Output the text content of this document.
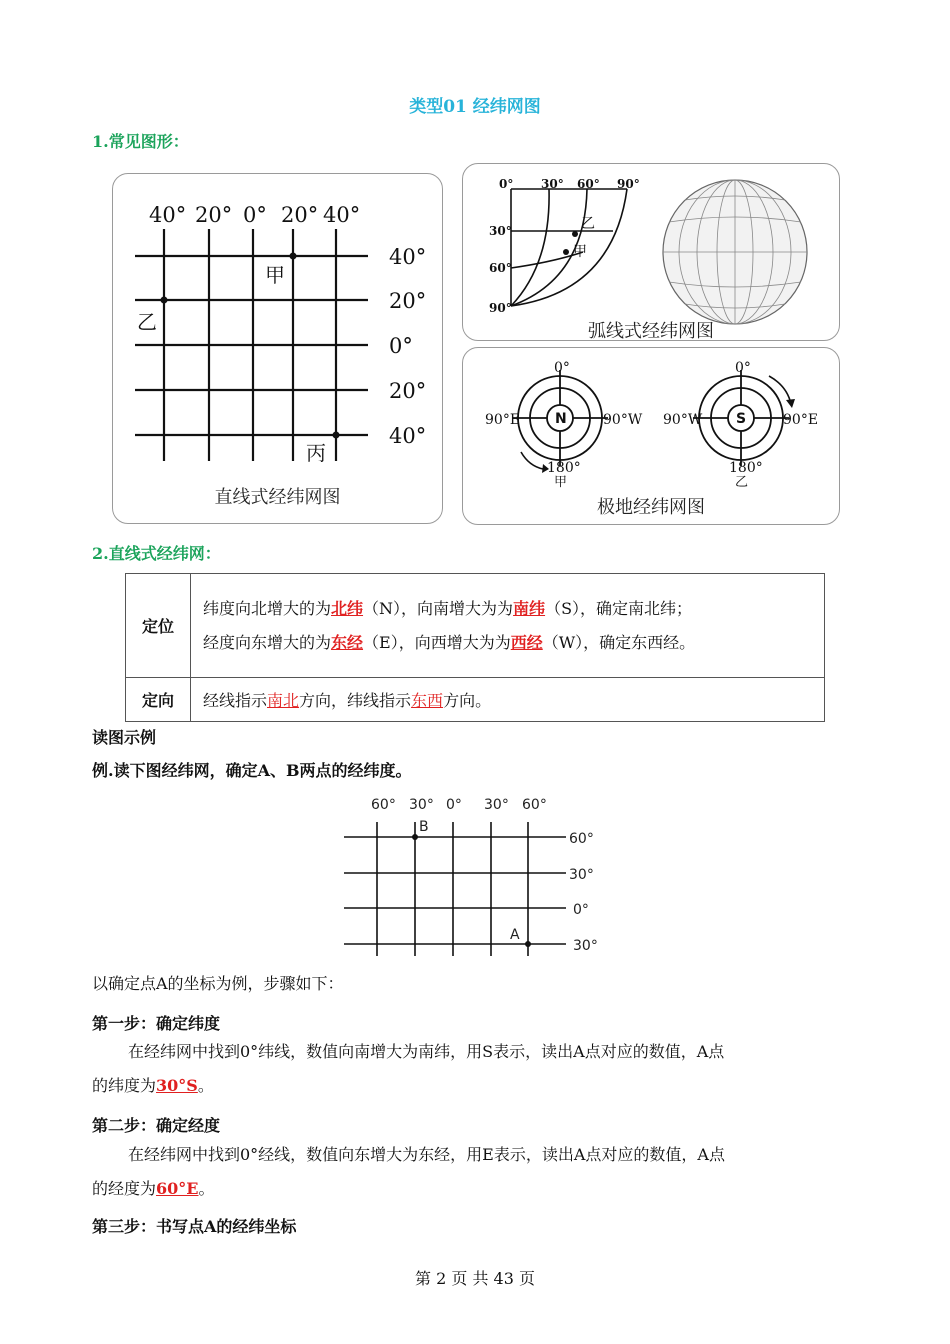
类型01 经纬网图
1.常见图形：
40° 20° 0° 20° 40°
40°
20°
0°
20°
40°
甲
乙
丙
直线式经纬网图
0° 30° 60° 90°
30°
60°
90°
乙
甲
弧线式经纬网图
0°
90°E	90°W
180°
0°
90°W	90°E
180°
N	S
甲	乙
极地经纬网图
2.直线式经纬网：
定位	纬度向北增大的为北纬（N），向南增大为为南纬（S），确定南北纬；
经度向东增大的为东经（E），向西增大为为西经（W），确定东西经。

定向	经线指示南北方向，纬线指示东西方向。
读图示例
例.读下图经纬网，确定A、B两点的经纬度。
60° 30° 0° 30° 60°
60°
30°
0°
30°
B
A
以确定点A的坐标为例，步骤如下：
第一步：确定纬度
在经纬网中找到0°纬线，数值向南增大为南纬，用S表示，读出A点对应的数值，A点
的纬度为30°S。
第二步：确定经度
在经纬网中找到0°经线，数值向东增大为东经，用E表示，读出A点对应的数值，A点
的经度为60°E。
第三步：书写点A的经纬坐标
第 2 页 共 43 页
